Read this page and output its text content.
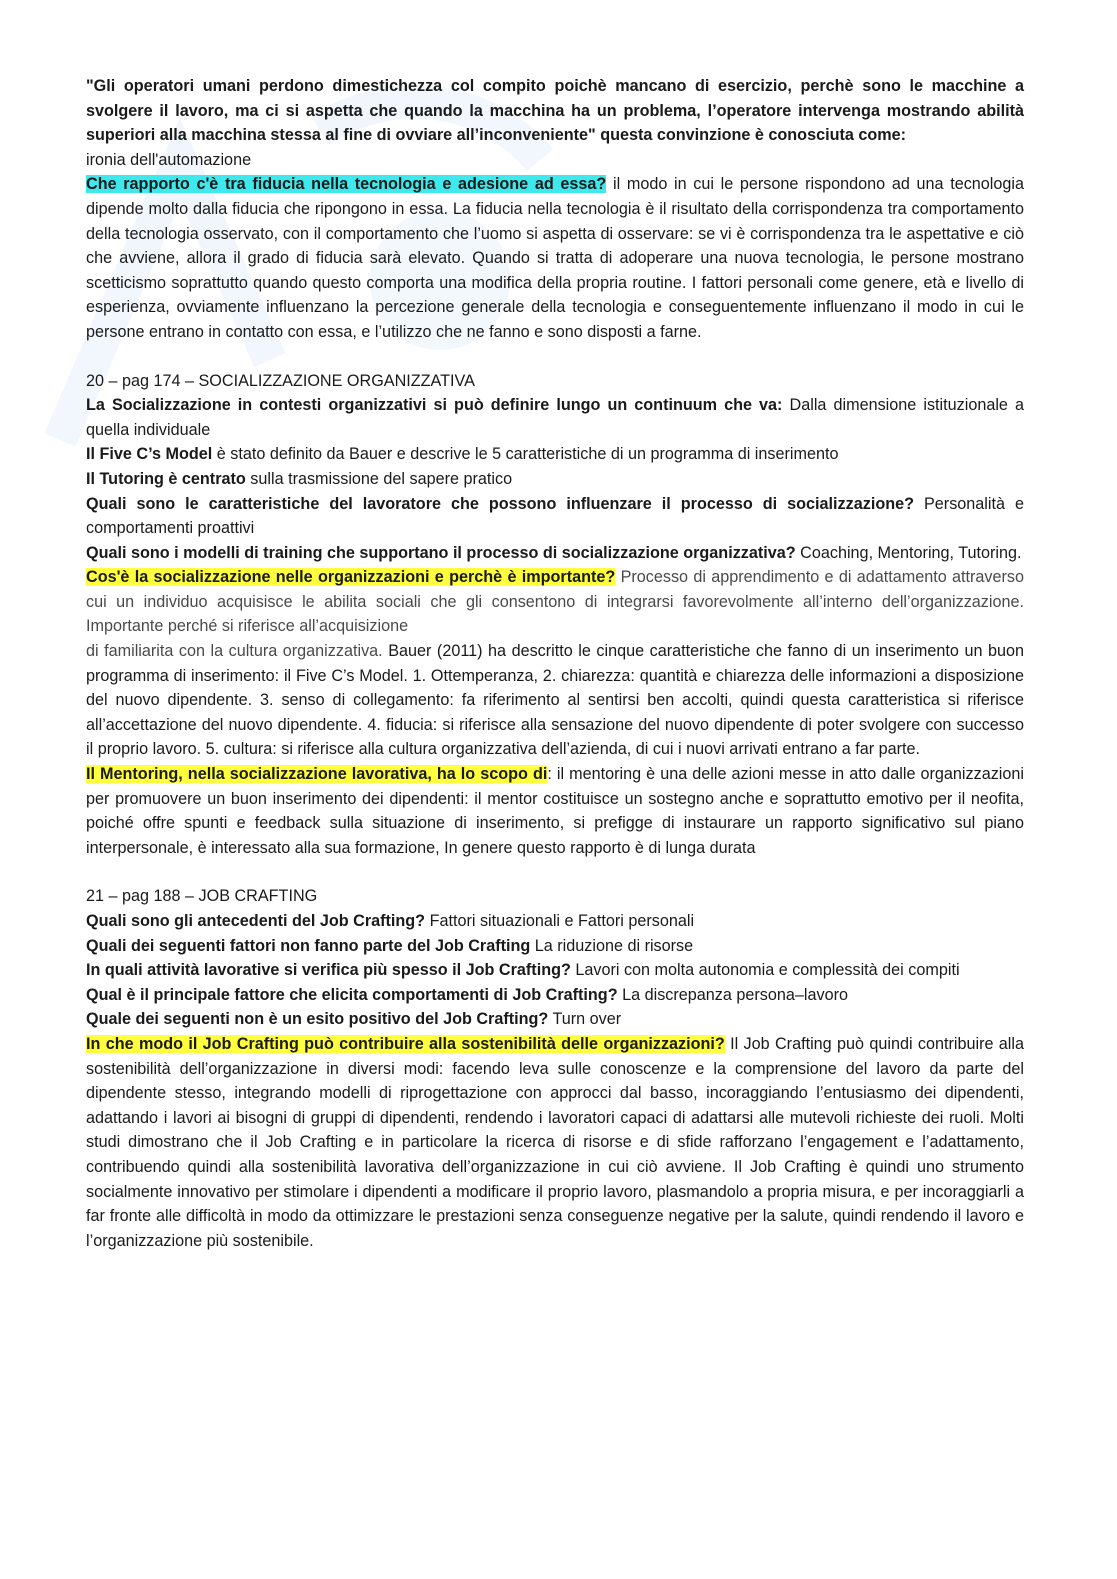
"Gli operatori umani perdono dimestichezza col compito poichè mancano di esercizio, perchè sono le macchine a svolgere il lavoro, ma ci si aspetta che quando la macchina ha un problema, l’operatore intervenga mostrando abilità superiori alla macchina stessa al fine di ovviare all’inconveniente" questa convinzione è conosciuta come:
ironia dell'automazione

Che rapporto c'è tra fiducia nella tecnologia e adesione ad essa? il modo in cui le persone rispondono ad una tecnologia dipende molto dalla fiducia che ripongono in essa. La fiducia nella tecnologia è il risultato della corrispondenza tra comportamento della tecnologia osservato, con il comportamento che l’uomo si aspetta di osservare: se vi è corrispondenza tra le aspettative e ciò che avviene, allora il grado di fiducia sarà elevato. Quando si tratta di adoperare una nuova tecnologia, le persone mostrano scetticismo soprattutto quando questo comporta una modifica della propria routine. I fattori personali come genere, età e livello di esperienza, ovviamente influenzano la percezione generale della tecnologia e conseguentemente influenzano il modo in cui le persone entrano in contatto con essa, e l’utilizzo che ne fanno e sono disposti a farne.

20 – pag 174 – SOCIALIZZAZIONE ORGANIZZATIVA

La Socializzazione in contesti organizzativi si può definire lungo un continuum che va: Dalla dimensione istituzionale a quella individuale

Il Five C’s Model è stato definito da Bauer e descrive le 5 caratteristiche di un programma di inserimento

Il Tutoring è centrato sulla trasmissione del sapere pratico

Quali sono le caratteristiche del lavoratore che possono influenzare il processo di socializzazione? Personalità e comportamenti proattivi

Quali sono i modelli di training che supportano il processo di socializzazione organizzativa? Coaching, Mentoring, Tutoring.

Cos'è la socializzazione nelle organizzazioni e perchè è importante? Processo di apprendimento e di adattamento attraverso cui un individuo acquisisce le abilita sociali che gli consentono di integrarsi favorevolmente all’interno dell’organizzazione. Importante perché si riferisce all’acquisizione
di familiarita con la cultura organizzativa. Bauer (2011) ha descritto le cinque caratteristiche che fanno di un inserimento un buon programma di inserimento: il Five C’s Model. 1. Ottemperanza, 2. chiarezza: quantità e chiarezza delle informazioni a disposizione del nuovo dipendente. 3. senso di collegamento: fa riferimento al sentirsi ben accolti, quindi questa caratteristica si riferisce all’accettazione del nuovo dipendente. 4. fiducia: si riferisce alla sensazione del nuovo dipendente di poter svolgere con successo il proprio lavoro. 5. cultura: si riferisce alla cultura organizzativa dell’azienda, di cui i nuovi arrivati entrano a far parte.

Il Mentoring, nella socializzazione lavorativa, ha lo scopo di: il mentoring è una delle azioni messe in atto dalle organizzazioni per promuovere un buon inserimento dei dipendenti: il mentor costituisce un sostegno anche e soprattutto emotivo per il neofita, poiché offre spunti e feedback sulla situazione di inserimento, si prefigge di instaurare un rapporto significativo sul piano interpersonale, è interessato alla sua formazione, In genere questo rapporto è di lunga durata

21 – pag 188 – JOB CRAFTING

Quali sono gli antecedenti del Job Crafting? Fattori situazionali e Fattori personali

Quali dei seguenti fattori non fanno parte del Job Crafting La riduzione di risorse

In quali attività lavorative si verifica più spesso il Job Crafting? Lavori con molta autonomia e complessità dei compiti

Qual è il principale fattore che elicita comportamenti di Job Crafting? La discrepanza persona–lavoro

Quale dei seguenti non è un esito positivo del Job Crafting? Turn over

In che modo il Job Crafting può contribuire alla sostenibilità delle organizzazioni? Il Job Crafting può quindi contribuire alla sostenibilità dell’organizzazione in diversi modi: facendo leva sulle conoscenze e la comprensione del lavoro da parte del dipendente stesso, integrando modelli di riprogettazione con approcci dal basso, incoraggiando l’entusiasmo dei dipendenti, adattando i lavori ai bisogni di gruppi di dipendenti, rendendo i lavoratori capaci di adattarsi alle mutevoli richieste dei ruoli. Molti studi dimostrano che il Job Crafting e in particolare la ricerca di risorse e di sfide rafforzano l’engagement e l’adattamento, contribuendo quindi alla sostenibilità lavorativa dell’organizzazione in cui ciò avviene. Il Job Crafting è quindi uno strumento socialmente innovativo per stimolare i dipendenti a modificare il proprio lavoro, plasmandolo a propria misura, e per incoraggiarli a far fronte alle difficoltà in modo da ottimizzare le prestazioni senza conseguenze negative per la salute, quindi rendendo il lavoro e l’organizzazione più sostenibile.
